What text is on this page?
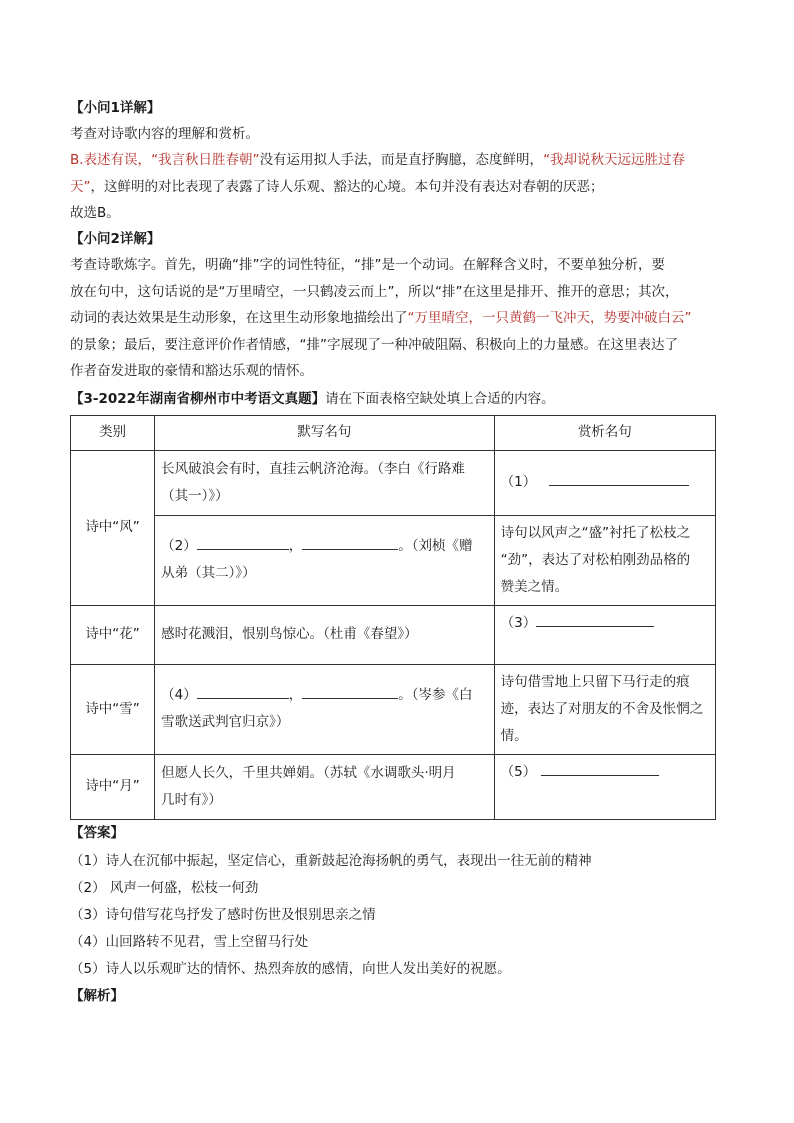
【小问1详解】

考查对诗歌内容的理解和赏析。

B.表述有误，“我言秋日胜春朝”没有运用拟人手法，而是直抒胸臆，态度鲜明，“我却说秋天远远胜过春
天”，这鲜明的对比表现了表露了诗人乐观、豁达的心境。本句并没有表达对春朝的厌恶；

故选B。

【小问2详解】

考查诗歌炼字。首先，明确“排”字的词性特征，“排”是一个动词。在解释含义时，不要单独分析，要

放在句中，这句话说的是“万里晴空，一只鹤凌云而上”，所以“排”在这里是排开、推开的意思；其次，

动词的表达效果是生动形象，在这里生动形象地描绘出了“万里晴空，一只黄鹤一飞冲天，势要冲破白云”

的景象；最后，要注意评价作者情感，“排”字展现了一种冲破阻隔、积极向上的力量感。在这里表达了

作者奋发进取的豪情和豁达乐观的情怀。

【3-2022年湖南省柳州市中考语文真题】请在下面表格空缺处填上合适的内容。

类别	默写名句	赏析名句
诗中“风”	长风破浪会有时，直挂云帆济沧海。（李白《行路难
（其一）》）	（1）
	（2） ， 。（刘桢《赠
从弟（其二）》）	诗句以风声之“盛”衬托了松枝之
“劲”，表达了对松柏刚劲品格的
赞美之情。
诗中“花”	感时花溅泪，恨别鸟惊心。（杜甫《春望》）	（3）
诗中“雪”	（4） ， 。（岑参《白
雪歌送武判官归京》）	诗句借雪地上只留下马行走的痕
迹，表达了对朋友的不舍及怅惘之
情。
诗中“月”	但愿人长久，千里共婵娟。（苏轼《水调歌头·明月
几时有》）	（5）

【答案】

（1）诗人在沉郁中振起，坚定信心，重新鼓起沧海扬帆的勇气，表现出一往无前的精神

（2） 风声一何盛，松枝一何劲

（3）诗句借写花鸟抒发了感时伤世及恨别思亲之情

（4）山回路转不见君，雪上空留马行处

（5）诗人以乐观旷达的情怀、热烈奔放的感情，向世人发出美好的祝愿。

【解析】
